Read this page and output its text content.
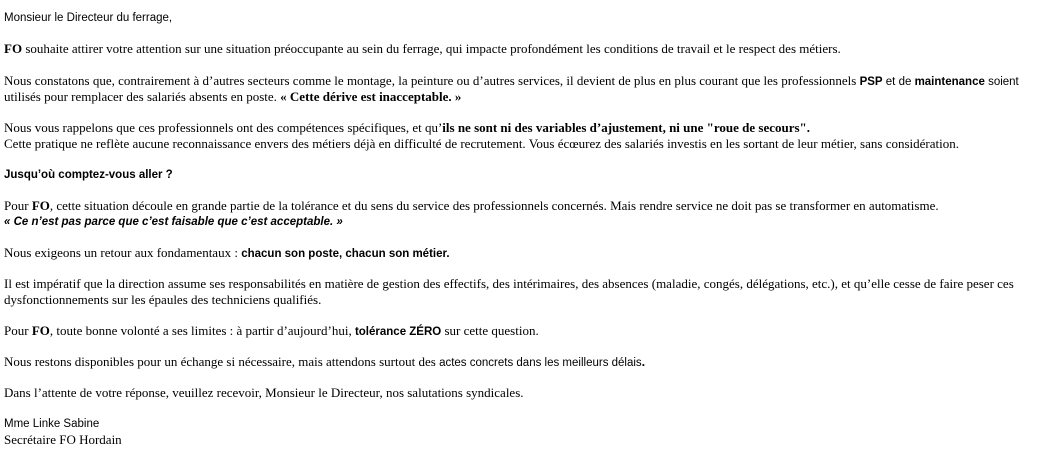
Monsieur le Directeur du ferrage,

FO souhaite attirer votre attention sur une situation préoccupante au sein du ferrage, qui impacte profondément les conditions de travail et le respect des métiers.

Nous constatons que, contrairement à d’autres secteurs comme le montage, la peinture ou d’autres services, il devient de plus en plus courant que les professionnels PSP et de maintenance soient

utilisés pour remplacer des salariés absents en poste. « Cette dérive est inacceptable. »

Nous vous rappelons que ces professionnels ont des compétences spécifiques, et qu’ils ne sont ni des variables d’ajustement, ni une "roue de secours".

Cette pratique ne reflète aucune reconnaissance envers des métiers déjà en difficulté de recrutement. Vous écœurez des salariés investis en les sortant de leur métier, sans considération.

Jusqu’où comptez-vous aller ?

Pour FO, cette situation découle en grande partie de la tolérance et du sens du service des professionnels concernés. Mais rendre service ne doit pas se transformer en automatisme.

« Ce n’est pas parce que c’est faisable que c’est acceptable. »

Nous exigeons un retour aux fondamentaux : chacun son poste, chacun son métier.

Il est impératif que la direction assume ses responsabilités en matière de gestion des effectifs, des intérimaires, des absences (maladie, congés, délégations, etc.), et qu’elle cesse de faire peser ces

dysfonctionnements sur les épaules des techniciens qualifiés.

Pour FO, toute bonne volonté a ses limites : à partir d’aujourd’hui, tolérance ZÉRO sur cette question.

Nous restons disponibles pour un échange si nécessaire, mais attendons surtout des actes concrets dans les meilleurs délais.

Dans l’attente de votre réponse, veuillez recevoir, Monsieur le Directeur, nos salutations syndicales.

Mme Linke Sabine

Secrétaire FO Hordain
